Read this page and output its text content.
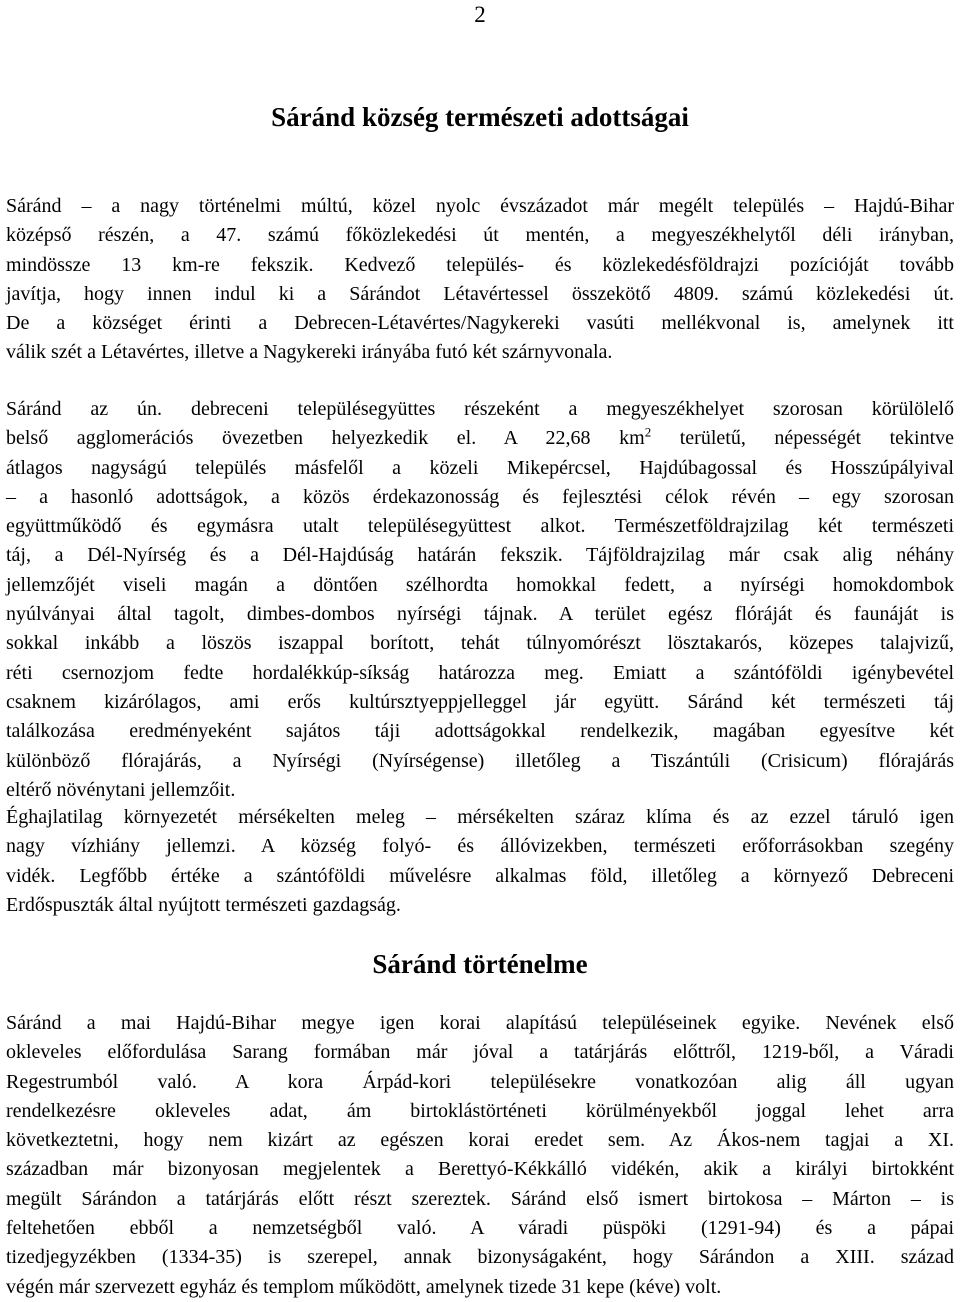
2
Sáránd község természeti adottságai
Sáránd – a nagy történelmi múltú, közel nyolc évszázadot már megélt település – Hajdú-Bihar
középső részén, a 47. számú főközlekedési út mentén, a megyeszékhelytől déli irányban,
mindössze 13 km-re fekszik. Kedvező település- és közlekedésföldrajzi pozícióját tovább
javítja, hogy innen indul ki a Sárándot Létavértessel összekötő 4809. számú közlekedési út.
De a községet érinti a Debrecen-Létavértes/Nagykereki vasúti mellékvonal is, amelynek itt
válik szét a Létavértes, illetve a Nagykereki irányába futó két szárnyvonala.
Sáránd az ún. debreceni településegyüttes részeként a megyeszékhelyet szorosan körülölelő
belső agglomerációs övezetben helyezkedik el. A 22,68 $km^2$ területű, népességét tekintve
átlagos nagyságú település másfelől a közeli Mikepércsel, Hajdúbagossal és Hosszúpályival
– a hasonló adottságok, a közös érdekazonosság és fejlesztési célok révén – egy szorosan
együttműködő és egymásra utalt településegyüttest alkot. Természetföldrajzilag két természeti
táj, a Dél-Nyírség és a Dél-Hajdúság határán fekszik. Tájföldrajzilag már csak alig néhány
jellemzőjét viseli magán a döntően szélhordta homokkal fedett, a nyírségi homokdombok
nyúlványai által tagolt, dimbes-dombos nyírségi tájnak. A terület egész flóráját és faunáját is
sokkal inkább a löszös iszappal borított, tehát túlnyomórészt lösztakarós, közepes talajvizű,
réti csernozjom fedte hordalékkúp-síkság határozza meg. Emiatt a szántóföldi igénybevétel
csaknem kizárólagos, ami erős kultúrsztyeppjelleggel jár együtt. Sáránd két természeti táj
találkozása eredményeként sajátos táji adottságokkal rendelkezik, magában egyesítve két
különböző flórajárás, a Nyírségi (Nyírségense) illetőleg a Tiszántúli (Crisicum) flórajárás
eltérő növénytani jellemzőit.
Éghajlatilag környezetét mérsékelten meleg – mérsékelten száraz klíma és az ezzel táruló igen
nagy vízhiány jellemzi. A község folyó- és állóvizekben, természeti erőforrásokban szegény
vidék. Legfőbb értéke a szántóföldi művelésre alkalmas föld, illetőleg a környező Debreceni
Erdőspuszták által nyújtott természeti gazdagság.
Sáránd történelme
Sáránd a mai Hajdú-Bihar megye igen korai alapítású településeinek egyike. Nevének első
okleveles előfordulása Sarang formában már jóval a tatárjárás előttről, 1219-ből, a Váradi
Regestrumból való. A kora Árpád-kori településekre vonatkozóan alig áll ugyan
rendelkezésre okleveles adat, ám birtoklástörténeti körülményekből joggal lehet arra
következtetni, hogy nem kizárt az egészen korai eredet sem. Az Ákos-nem tagjai a XI.
században már bizonyosan megjelentek a Berettyó-Kékkálló vidékén, akik a királyi birtokként
megült Sárándon a tatárjárás előtt részt szereztek. Sáránd első ismert birtokosa – Márton – is
feltehetően ebből a nemzetségből való. A váradi püspöki (1291-94) és a pápai
tizedjegyzékben (1334-35) is szerepel, annak bizonyságaként, hogy Sárándon a XIII. század
végén már szervezett egyház és templom működött, amelynek tizede 31 kepe (kéve) volt.
